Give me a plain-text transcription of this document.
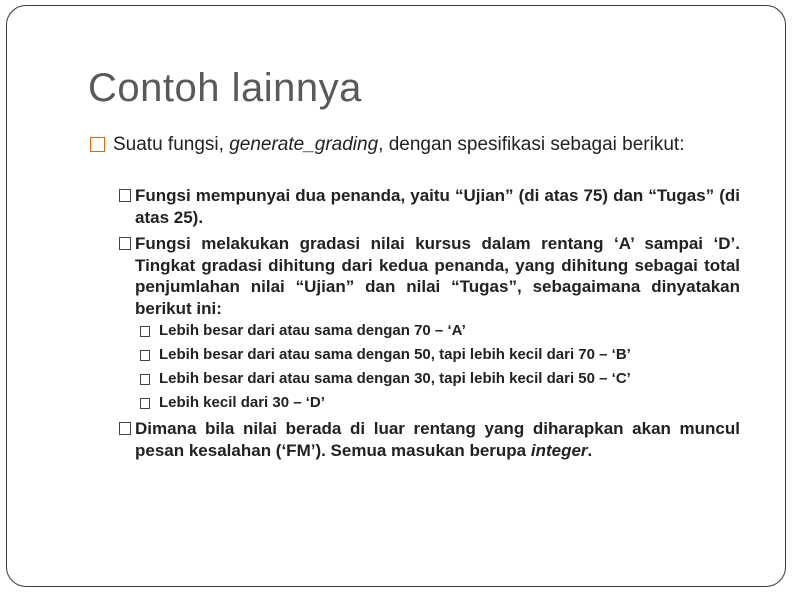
Contoh lainnya
Suatu fungsi, generate_grading, dengan spesifikasi sebagai berikut:
Fungsi mempunyai dua penanda, yaitu “Ujian” (di atas 75) dan “Tugas” (di atas 25).
Fungsi melakukan gradasi nilai kursus dalam rentang ‘A’ sampai ‘D’. Tingkat gradasi dihitung dari kedua penanda, yang dihitung sebagai total penjumlahan nilai “Ujian” dan nilai “Tugas”, sebagaimana dinyatakan berikut ini:
Lebih besar dari atau sama dengan 70 – ‘A’
Lebih besar dari atau sama dengan 50, tapi lebih kecil dari 70 – ‘B’
Lebih besar dari atau sama dengan 30, tapi lebih kecil dari 50 – ‘C’
Lebih kecil dari 30 – ‘D’
Dimana bila nilai berada di luar rentang yang diharapkan akan muncul pesan kesalahan (‘FM’). Semua masukan berupa integer.
